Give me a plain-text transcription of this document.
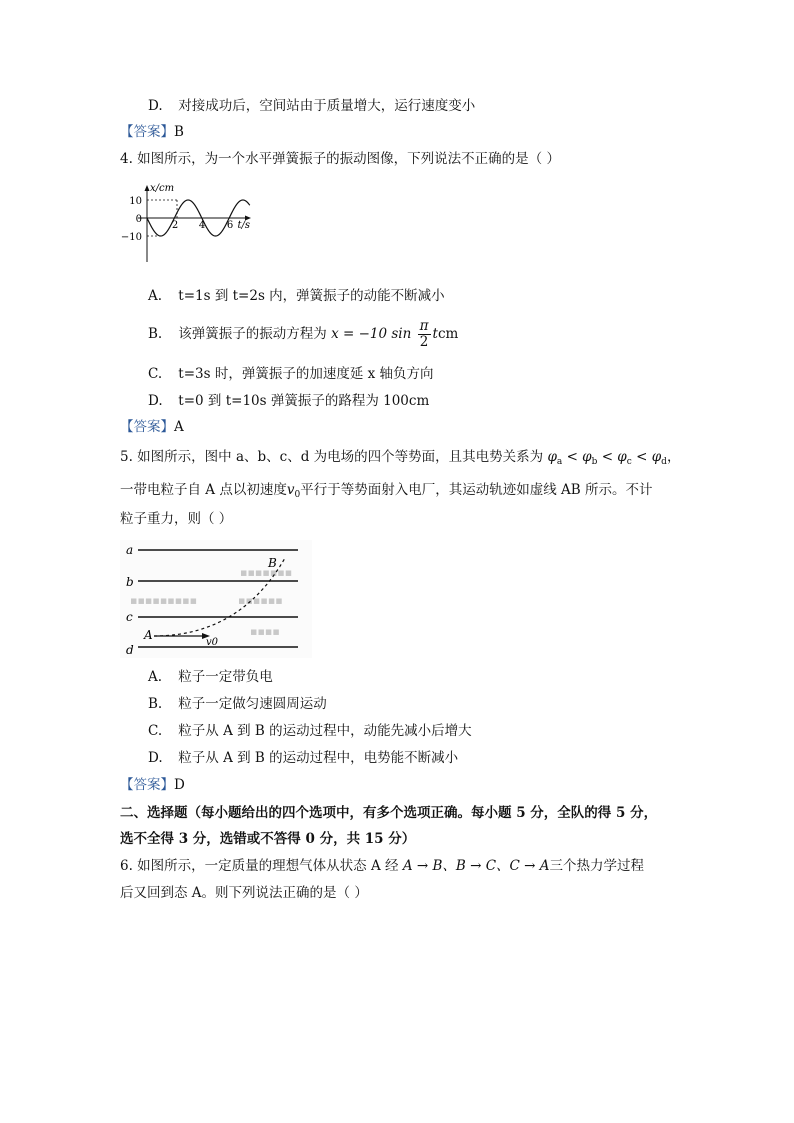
D. 对接成功后，空间站由于质量增大，运行速度变小
【答案】B
4. 如图所示，为一个水平弹簧振子的振动图像，下列说法不正确的是（ ）
x/cm
t/s
10
0
−10
2 4 6
A. t=1s 到 t=2s 内，弹簧振子的动能不断减小
B. 该弹簧振子的振动方程为 x = −10 $\sin \frac{\pi}{2}$ tcm
C. t=3s 时，弹簧振子的加速度延 x 轴负方向
D. t=0 到 t=10s 弹簧振子的路程为 100cm
【答案】A
5. 如图所示，图中 a、b、c、d 为电场的四个等势面，且其电势关系为 $\varphi_a < \varphi_b < \varphi_c < \varphi_d$，
一带电粒子自 A 点以初速度$v_0$平行于等势面射入电厂，其运动轨迹如虚线 AB 所示。不计
粒子重力，则（ ）
▪▪▪▪▪▪▪
▪▪▪▪▪▪▪▪▪	▪▪▪▪▪▪
▪▪▪▪
a
b
c
d
A
B
v0
A. 粒子一定带负电
B. 粒子一定做匀速圆周运动
C. 粒子从 A 到 B 的运动过程中，动能先减小后增大
D. 粒子从 A 到 B 的运动过程中，电势能不断减小
【答案】D
二、选择题（每小题给出的四个选项中，有多个选项正确。每小题 5 分，全队的得 5 分，
选不全得 3 分，选错或不答得 0 分，共 15 分）
6. 如图所示，一定质量的理想气体从状态 A 经 A → B、B → C、C → A三个热力学过程
后又回到态 A。则下列说法正确的是（ ）
